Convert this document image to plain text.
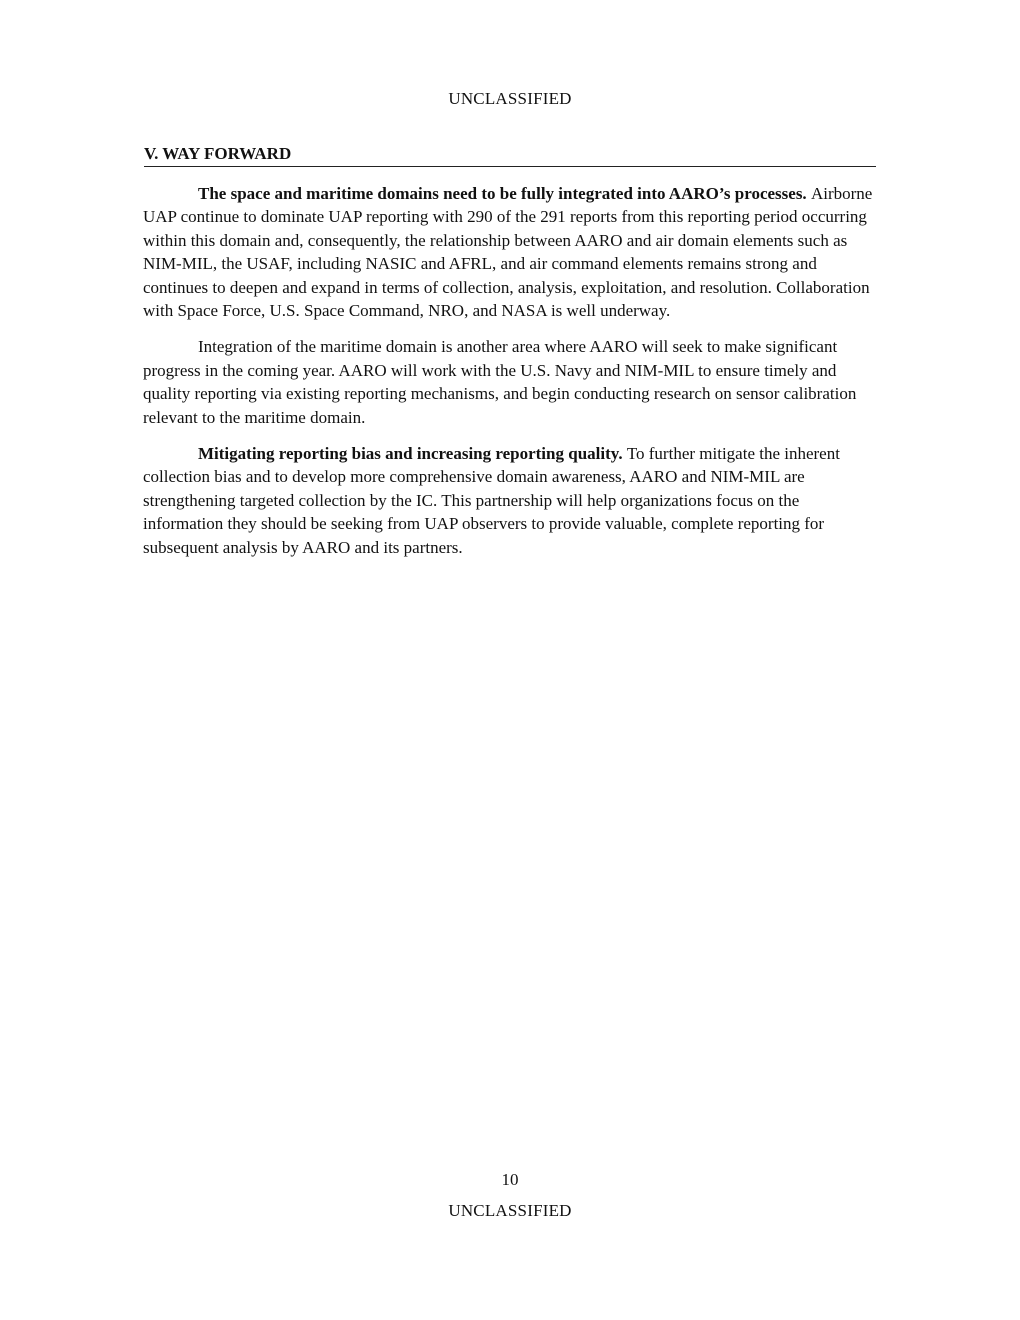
UNCLASSIFIED
V. WAY FORWARD

The space and maritime domains need to be fully integrated into AARO’s processes. Airborne UAP continue to dominate UAP reporting with 290 of the 291 reports from this reporting period occurring within this domain and, consequently, the relationship between AARO and air domain elements such as NIM-MIL, the USAF, including NASIC and AFRL, and air command elements remains strong and continues to deepen and expand in terms of collection, analysis, exploitation, and resolution. Collaboration with Space Force, U.S. Space Command, NRO, and NASA is well underway.

Integration of the maritime domain is another area where AARO will seek to make significant progress in the coming year. AARO will work with the U.S. Navy and NIM-MIL to ensure timely and quality reporting via existing reporting mechanisms, and begin conducting research on sensor calibration relevant to the maritime domain.

Mitigating reporting bias and increasing reporting quality. To further mitigate the inherent collection bias and to develop more comprehensive domain awareness, AARO and NIM-MIL are strengthening targeted collection by the IC. This partnership will help organizations focus on the information they should be seeking from UAP observers to provide valuable, complete reporting for subsequent analysis by AARO and its partners.

10
UNCLASSIFIED
